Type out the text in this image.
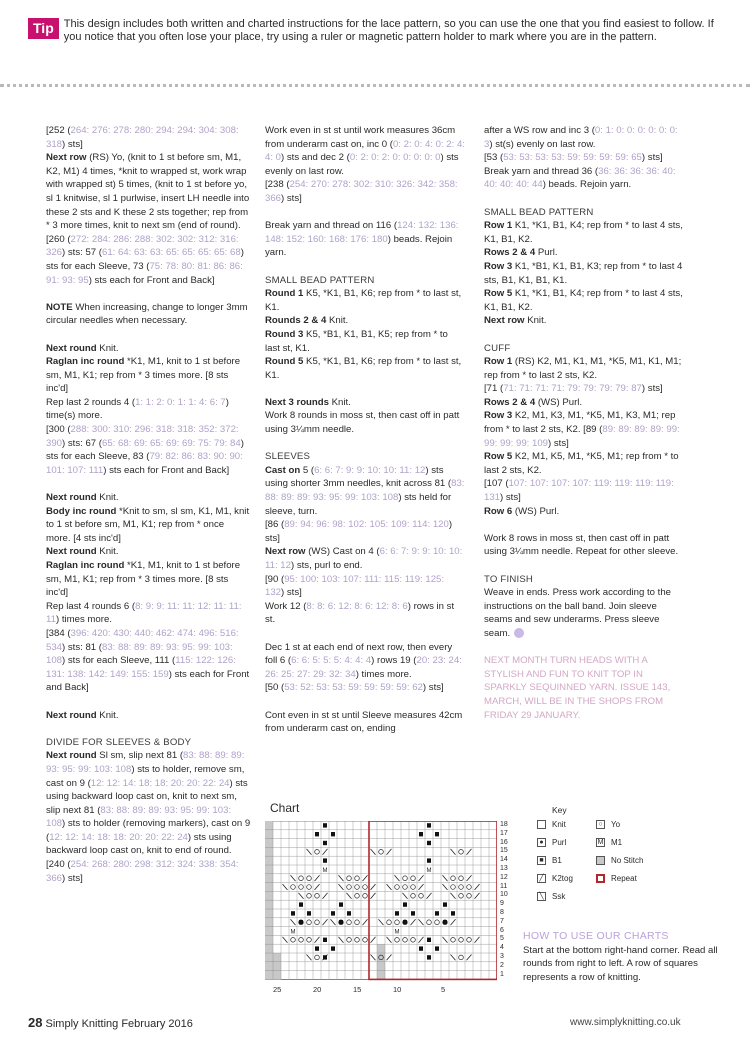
Tip This design includes both written and charted instructions for the lace pattern, so you can use the one that you find easiest to follow. If you notice that you often lose your place, try using a ruler or magnetic pattern holder to mark where you are in the pattern.

[252 (264: 276: 278: 280: 294: 294: 304: 308: 318) sts]
Next row (RS) Yo, (knit to 1 st before sm, M1, K2, M1) 4 times, *knit to wrapped st, work wrap with wrapped st) 5 times, (knit to 1 st before yo, sl 1 knitwise, sl 1 purlwise, insert LH needle into these 2 sts and K these 2 sts together; rep from * 3 more times, knit to next sm (end of round).
[260 (272: 284: 286: 288: 302: 302: 312: 316: 326) sts: 57 (61: 64: 63: 63: 65: 65: 65: 65: 68) sts for each Sleeve, 73 (75: 78: 80: 81: 86: 86: 91: 93: 95) sts each for Front and Back]

NOTE When increasing, change to longer 3mm circular needles when necessary.

Next round Knit.
Raglan inc round *K1, M1, knit to 1 st before sm, M1, K1; rep from * 3 times more. [8 sts inc'd]
Rep last 2 rounds 4 (1: 1: 2: 0: 1: 1: 4: 6: 7) time(s) more.
[300 (288: 300: 310: 296: 318: 318: 352: 372: 390) sts: 67 (65: 68: 69: 65: 69: 69: 75: 79: 84) sts for each Sleeve, 83 (79: 82: 86: 83: 90: 90: 101: 107: 111) sts each for Front and Back]

Next round Knit.
Body inc round *Knit to sm, sl sm, K1, M1, knit to 1 st before sm, M1, K1; rep from * once more. [4 sts inc'd]
Next round Knit.
Raglan inc round *K1, M1, knit to 1 st before sm, M1, K1; rep from * 3 times more. [8 sts inc'd]
Rep last 4 rounds 6 (8: 9: 9: 11: 11: 12: 11: 11: 11) times more.
[384 (396: 420: 430: 440: 462: 474: 496: 516: 534) sts: 81 (83: 88: 89: 89: 93: 95: 99: 103: 108) sts for each Sleeve, 111 (115: 122: 126: 131: 138: 142: 149: 155: 159) sts each for Front and Back]

Next round Knit.

DIVIDE FOR SLEEVES & BODY
Next round Sl sm, slip next 81 (83: 88: 89: 89: 93: 95: 99: 103: 108) sts to holder, remove sm, cast on 9 (12: 12: 14: 18: 18: 20: 20: 22: 24) sts using backward loop cast on, knit to next sm, slip next 81 (83: 88: 89: 89: 93: 95: 99: 103: 108) sts to holder (removing markers), cast on 9 (12: 12: 14: 18: 18: 20: 20: 22: 24) sts using backward loop cast on, knit to end of round.
[240 (254: 268: 280: 298: 312: 324: 338: 354: 366) sts]

Work even in st st until work measures 36cm from underarm cast on, inc 0 (0: 2: 0: 4: 0: 2: 4: 4: 0) sts and dec 2 (0: 2: 0: 2: 0: 0: 0: 0: 0) sts evenly on last row.
[238 (254: 270: 278: 302: 310: 326: 342: 358: 366) sts]

Break yarn and thread on 116 (124: 132: 136: 148: 152: 160: 168: 176: 180) beads. Rejoin yarn.

SMALL BEAD PATTERN
Round 1 K5, *K1, B1, K6; rep from * to last st, K1.
Rounds 2 & 4 Knit.
Round 3 K5, *B1, K1, B1, K5; rep from * to last st, K1.
Round 5 K5, *K1, B1, K6; rep from * to last st, K1.

Next 3 rounds Knit.
Work 8 rounds in moss st, then cast off in patt using 3¼mm needle.

SLEEVES
Cast on 5 (6: 6: 7: 9: 9: 10: 10: 11: 12) sts using shorter 3mm needles, knit across 81 (83: 88: 89: 89: 93: 95: 99: 103: 108) sts held for sleeve, turn.
[86 (89: 94: 96: 98: 102: 105: 109: 114: 120) sts]
Next row (WS) Cast on 4 (6: 6: 7: 9: 9: 10: 10: 11: 12) sts, purl to end.
[90 (95: 100: 103: 107: 111: 115: 119: 125: 132) sts]
Work 12 (8: 8: 6: 12: 8: 6: 12: 8: 6) rows in st st.

Dec 1 st at each end of next row, then every foll 6 (6: 6: 5: 5: 5: 4: 4: 4) rows 19 (20: 23: 24: 26: 25: 27: 29: 32: 34) times more.
[50 (53: 52: 53: 53: 59: 59: 59: 59: 62) sts]

Cont even in st st until Sleeve measures 42cm from underarm cast on, ending

after a WS row and inc 3 (0: 1: 0: 0: 0: 0: 0: 0: 3) st(s) evenly on last row.
[53 (53: 53: 53: 53: 59: 59: 59: 59: 65) sts]
Break yarn and thread 36 (36: 36: 36: 36: 40: 40: 40: 40: 44) beads. Rejoin yarn.

SMALL BEAD PATTERN
Row 1 K1, *K1, B1, K4; rep from * to last 4 sts, K1, B1, K2.
Rows 2 & 4 Purl.
Row 3 K1, *B1, K1, B1, K3; rep from * to last 4 sts, B1, K1, B1, K1.
Row 5 K1, *K1, B1, K4; rep from * to last 4 sts, K1, B1, K2.
Next row Knit.

CUFF
Row 1 (RS) K2, M1, K1, M1, *K5, M1, K1, M1; rep from * to last 2 sts, K2.
[71 (71: 71: 71: 71: 79: 79: 79: 79: 87) sts]
Rows 2 & 4 (WS) Purl.
Row 3 K2, M1, K3, M1, *K5, M1, K3, M1; rep from * to last 2 sts, K2. [89 (89: 89: 89: 89: 99: 99: 99: 99: 109) sts]
Row 5 K2, M1, K5, M1, *K5, M1; rep from * to last 2 sts, K2.
[107 (107: 107: 107: 107: 119: 119: 119: 119: 131) sts]
Row 6 (WS) Purl.

Work 8 rows in moss st, then cast off in patt using 3¼mm needle. Repeat for other sleeve.

TO FINISH
Weave in ends. Press work according to the instructions on the ball band. Join sleeve seams and sew underarms. Press sleeve seam.

NEXT MONTH TURN HEADS WITH A STYLISH AND FUN TO KNIT TOP IN SPARKLY SEQUINNED YARN. ISSUE 143, MARCH, WILL BE IN THE SHOPS FROM FRIDAY 29 JANUARY.

Chart
M	M
M	M
18
17
16
15
14
13
12
11
10
9
8
7
6
5
4
3
2
1
25	20	15	10	5
Key
Knit
● Purl
■ B1
╱ K2tog
╲ Ssk
○ Yo
M M1
No Stitch
Repeat
HOW TO USE OUR CHARTS
Start at the bottom right-hand corner. Read all rounds from right to left. A row of squares represents a row of knitting.
28 Simply Knitting February 2016	www.simplyknitting.co.uk
